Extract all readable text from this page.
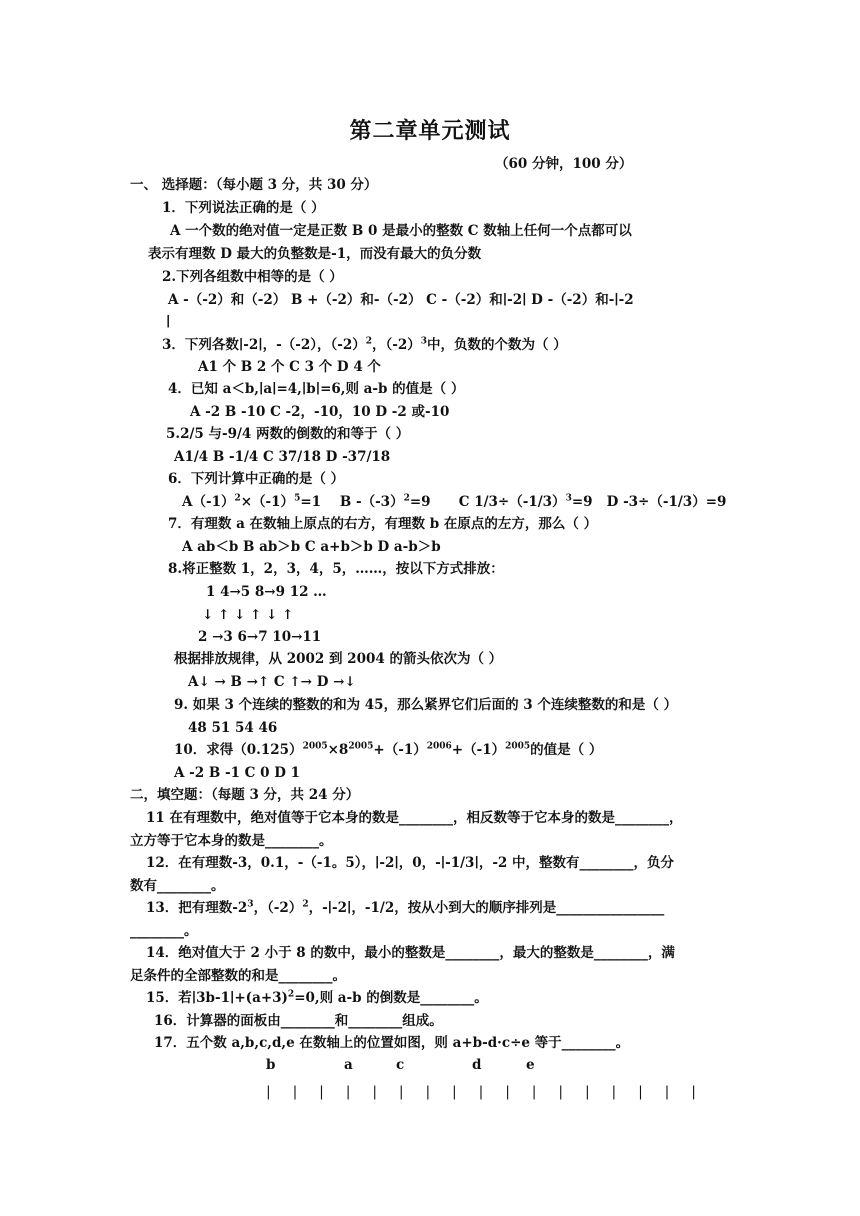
第二章单元测试
（60 分钟，100 分）
一、 选择题：（每小题 3 分，共 30 分）
1．下列说法正确的是（ ）
A 一个数的绝对值一定是正数 B 0 是最小的整数 C 数轴上任何一个点都可以
表示有理数 D 最大的负整数是-1，而没有最大的负分数
2.下列各组数中相等的是（ ）
A -（-2）和（-2） B +（-2）和-（-2） C -（-2）和∣-2∣ D -（-2）和-∣-2
∣
3．下列各数∣-2∣，-（-2），$(-2)^2$，$(-2)^3$中，负数的个数为（ ）
A1 个 B 2 个 C 3 个 D 4 个
4．已知 a＜b,∣a∣=4,∣b∣=6,则 a-b 的值是（ ）
A -2 B -10 C -2，-10，10 D -2 或-10
5.2/5 与-9/4 两数的倒数的和等于（ ）
A1/4 B -1/4 C 37/18 D -37/18
6．下列计算中正确的是（ ）
$A(-1)^2\times(-1)^5=1$ B $-(-3)^2=9$ C $1/3\div(-1/3)^3=9$ D -3÷（-1/3）=9
7．有理数 a 在数轴上原点的右方，有理数 b 在原点的左方，那么（ ）
A ab＜b B ab＞b C a+b＞b D a-b＞b
8.将正整数 1，2，3，4，5，……，按以下方式排放：
1 4→5 8→9 12 …
↓ ↑ ↓ ↑ ↓ ↑
2 →3 6→7 10→11
根据排放规律，从 2002 到 2004 的箭头依次为（ ）
A↓ → B →↑ C ↑→ D →↓
9. 如果 3 个连续的整数的和为 45，那么紧界它们后面的 3 个连续整数的和是（ ）
48 51 54 46
10．求得$(0.125)^{2005}\times 8^{2005}+(-1)^{2006}+(-1)^{2005}$的值是（ ）
A -2 B -1 C 0 D 1
二，填空题：（每题 3 分，共 24 分）
11 在有理数中，绝对值等于它本身的数是________，相反数等于它本身的数是________，
立方等于它本身的数是________。
12．在有理数-3，0.1，-（-1。5），∣-2∣，0，-∣-1/3∣，-2 中，整数有________，负分
数有________。
13．把有理数$-2^3$，$(-2)^2$，-∣-2∣，-1/2，按从小到大的顺序排列是________________
________。
14．绝对值大于 2 小于 8 的数中，最小的整数是________，最大的整数是________，满
足条件的全部整数的和是________。
15．若$∣3b-1∣+(a+3)^2=0$,则 a-b 的倒数是________。
16．计算器的面板由________和________组成。
17．五个数 a,b,c,d,e 在数轴上的位置如图，则 a+b-d·c÷e 等于________。
b	a	c	d	e
| | | | | | | | | | | | | | | | |
